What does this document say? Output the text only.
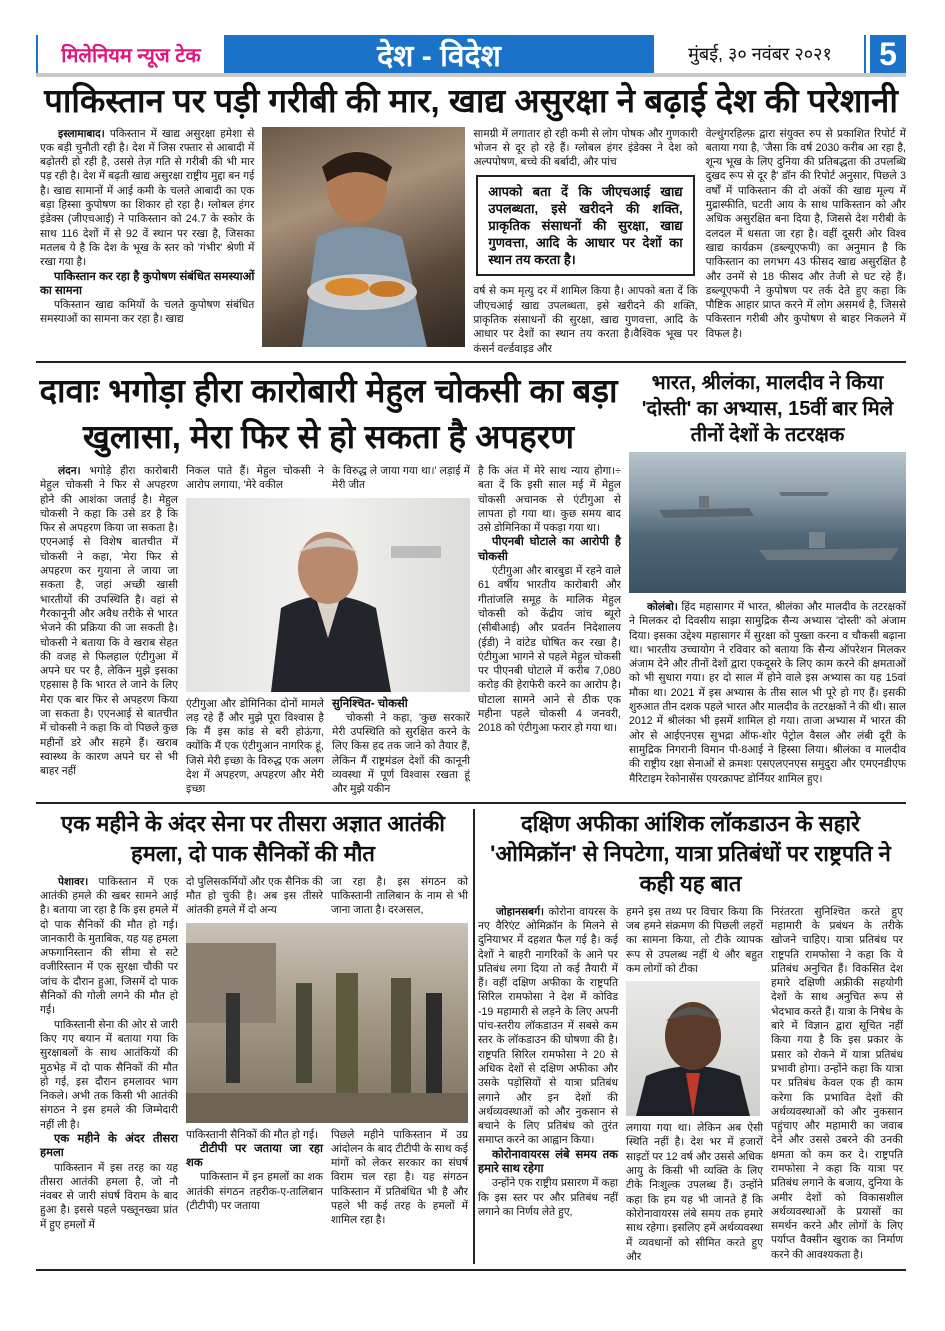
मिलेनियम न्यूज टेक	देश - विदेश	मुंबई, ३० नवंबर २०२१	5
पाकिस्तान पर पड़ी गरीबी की मार, खाद्य असुरक्षा ने बढ़ाई देश की परेशानी

इस्लामाबाद। पकिस्तान में खाद्य असुरक्षा हमेशा से एक बड़ी चुनौती रही है। देश में जिस रफ्तार से आबादी में बढ़ोतरी हो रही है, उससे तेज़ गति से गरीबी की भी मार पड़ रही है। देश में बढ़ती खाद्य असुरक्षा राष्ट्रीय मुद्दा बन गई है। खाद्य सामानों में आई कमी के चलते आबादी का एक बड़ा हिस्सा कुपोषण का शिकार हो रहा है। ग्लोबल हंगर इंडेक्स (जीएचआई) ने पाकिस्तान को 24.7 के स्कोर के साथ 116 देशों में से 92 वें स्थान पर रखा है, जिसका मतलब ये है कि देश के भूख के स्तर को 'गंभीर' श्रेणी में रखा गया है।

पाकिस्तान कर रहा है कुपोषण संबंधित समस्याओं का सामना

पकिस्तान खाद्य कमियों के चलते कुपोषण संबंधित समस्याओं का सामना कर रहा है। खाद्य

सामग्री में लगातार हो रही कमी से लोग पोषक और गुणकारी भोजन से दूर हो रहे हैं। ग्लोबल हंगर इंडेक्स ने देश को अल्पपोषण, बच्चे की बर्बादी, और पांच

आपको बता दें कि जीएचआई खाद्य उपलब्धता, इसे खरीदने की शक्ति, प्राकृतिक संसाधनों की सुरक्षा, खाद्य गुणवत्ता, आदि के आधार पर देशों का स्थान तय करता है।

वर्ष से कम मृत्यु दर में शामिल किया है। आपको बता दें कि जीएचआई खाद्य उपलब्धता, इसे खरीदने की शक्ति, प्राकृतिक संसाधनों की सुरक्षा, खाद्य गुणवत्ता, आदि के आधार पर देशों का स्थान तय करता है।वैश्विक भूख पर कंसर्न वर्ल्डवाइड और

वेल्थुंगरहिल्फ़ द्वारा संयुक्त रुप से प्रकाशित रिपोर्ट में बताया गया है, 'जैसा कि वर्ष 2030 करीब आ रहा है, शून्य भूख के लिए दुनिया की प्रतिबद्धता की उपलब्धि दुखद रूप से दूर है' डॉन की रिपोर्ट अनुसार, पिछले 3 वर्षों में पाकिस्तान की दो अंकों की खाद्य मूल्य में मुद्रास्फीति, घटती आय के साथ पाकिस्तान को और अधिक असुरक्षित बना दिया है, जिससे देश गरीबी के दलदल में धसता जा रहा है। वहीं दूसरी ओर विश्व खाद्य कार्यक्रम (डब्ल्यूएफपी) का अनुमान है कि पाकिस्तान का लगभग 43 फीसद खाद्य असुरक्षित है और उनमें से 18 फीसद और तेजी से घट रहे हैं। डब्ल्यूएफपी ने कुपोषण पर तर्क देते हुए कहा कि पौष्टिक आहार प्राप्त करने में लोग असमर्थ है, जिससे पकिस्तान गरीबी और कुपोषण से बाहर निकलने में विफल है।

दावाः भगोड़ा हीरा कारोबारी मेहुल चोकसी का बड़ा खुलासा, मेरा फिर से हो सकता है अपहरण

लंदन। भगोड़े हीरा कारोबारी मेहुल चोकसी ने फिर से अपहरण होने की आशंका जताई है। मेहुल चोकसी ने कहा कि उसे डर है कि फिर से अपहरण किया जा सकता है। एएनआई से विशेष बातचीत में चोकसी ने कहा, 'मेरा फिर से अपहरण कर गुयाना ले जाया जा सकता है, जहां अच्छी खासी भारतीयों की उपस्थिति है। वहां से गैरकानूनी और अवैध तरीके से भारत भेजने की प्रक्रिया की जा सकती है। चोकसी ने बताया कि वे खराब सेहत की वजह से फिलहाल एंटीगुआ में अपने घर पर है, लेकिन मुझे इसका एहसास है कि भारत ले जाने के लिए मेरा एक बार फिर से अपहरण किया जा सकता है। एएनआई से बातचीत में चोकसी ने कहा कि वो पिछले कुछ महीनों डरे और सहमे हैं। खराब स्वास्थ्य के कारण अपने घर से भी बाहर नहीं

निकल पाते हैं। मेहुल चोकसी ने आरोप लगाया, 'मेरे वकील

के विरुद्ध ले जाया गया था।' लड़ाई में मेरी जीत

एंटीगुआ और डोमिनिका दोनों मामले लड़ रहे हैं और मुझे पूरा विश्वास है कि मैं इस कांड से बरी होऊंगा, क्योंकि मैं एक एंटीगुआन नागरिक हूं, जिसे मेरी इच्छा के विरुद्ध एक अलग देश में अपहरण, अपहरण और मेरी इच्छा

सुनिश्चित- चोकसी

चोकसी ने कहा, 'कुछ सरकारें मेरी उपस्थिति को सुरक्षित करने के लिए किस हद तक जाने को तैयार हैं, लेकिन मैं राष्ट्रमंडल देशों की कानूनी व्यवस्था में पूर्ण विश्वास रखता हूं और मुझे यकीन

है कि अंत में मेरे साथ न्याय होगा।÷ बता दें कि इसी साल मई में मेहुल चोकसी अचानक से एंटीगुआ से लापता हो गया था। कुछ समय बाद उसे डोमिनिका में पकड़ा गया था।

पीएनबी घोटाले का आरोपी है चोकसी

एंटीगुआ और बारबुडा में रहने वाले 61 वर्षीय भारतीय कारोबारी और गीतांजलि समूह के मालिक मेहुल चोकसी को केंद्रीय जांच ब्यूरो (सीबीआई) और प्रवर्तन निदेशालय (ईडी) ने वांटेड घोषित कर रखा है। एंटीगुआ भागने से पहले मेहुल चोकसी पर पीएनबी घोटाले में करीब 7,080 करोड़ की हेराफेरी करने का आरोप है। घोटाला सामने आने से ठीक एक महीना पहले चोकसी 4 जनवरी, 2018 को एंटीगुआ फरार हो गया था।

भारत, श्रीलंका, मालदीव ने किया 'दोस्ती' का अभ्यास, 15वीं बार मिले तीनों देशों के तटरक्षक

कोलंबो। हिंद महासागर में भारत, श्रीलंका और मालदीव के तटरक्षकों ने मिलकर दो दिवसीय साझा सामुद्रिक सैन्य अभ्यास 'दोस्ती' को अंजाम दिया। इसका उद्देश्य महासागर में सुरक्षा को पुख्ता करना व चौकसी बढ़ाना था। भारतीय उच्चायोग ने रविवार को बताया कि सैन्य ऑपरेशन मिलकर अंजाम देने और तीनों देशों द्वारा एकदूसरे के लिए काम करने की क्षमताओं को भी सुधारा गया। हर दो साल में होने वाले इस अभ्यास का यह 15वां मौका था। 2021 में इस अभ्यास के तीस साल भी पूरे हो गए हैं। इसकी शुरुआत तीन दशक पहले भारत और मालदीव के तटरक्षकों ने की थी। साल 2012 में श्रीलंका भी इसमें शामिल हो गया। ताजा अभ्यास में भारत की ओर से आईएनएस सुभद्रा ऑफ-शोर पेट्रोल वैसल और लंबी दूरी के सामुद्रिक निगरानी विमान पी-8आई ने हिस्सा लिया। श्रीलंका व मालदीव की राष्ट्रीय रक्षा सेनाओं से क्रमशः एसएलएनएस समुदुरा और एमएनडीएफ मैरिटाइम रेकोनासेंस एयरक्राफ्ट डोर्नियर शामिल हुए।

एक महीने के अंदर सेना पर तीसरा अज्ञात आतंकी हमला, दो पाक सैनिकों की मौत

पेशावर। पाकिस्तान में एक आतंकी हमले की खबर सामने आई है। बताया जा रहा है कि इस हमले में दो पाक सैनिकों की मौत हो गई। जानकारी के मुताबिक, यह यह हमला अफगानिस्तान की सीमा से सटे वजीरिस्तान में एक सुरक्षा चौकी पर जांच के दौरान हुआ, जिसमें दो पाक सैनिकों की गोली लगने की मौत हो गई।

पाकिस्तानी सेना की ओर से जारी किए गए बयान में बताया गया कि सुरक्षाबलों के साथ आतंकियों की मुठभेड़ में दो पाक सैनिकों की मौत हो गई, इस दौरान हमलावर भाग निकले। अभी तक किसी भी आतंकी संगठन ने इस हमले की जिम्मेदारी नहीं ली है।

एक महीने के अंदर तीसरा हमला

पाकिस्तान में इस तरह का यह तीसरा आतंकी हमला है, जो नौ नंवबर से जारी संघर्ष विराम के बाद हुआ है। इससे पहले पख्तूनख्वा प्रांत में हुए हमलों में

दो पुलिसकर्मियों और एक सैनिक की मौत हो चुकी है। अब इस तीसरे आंतकी हमले में दो अन्य

जा रहा है। इस संगठन को पाकिस्तानी तालिबान के नाम से भी जाना जाता है। दरअसल,

पाकिस्तानी सैनिकों की मौत हो गई।

टीटीपी पर जताया जा रहा शक

पाकिस्तान में इन हमलों का शक आतंकी संगठन तहरीक-ए-तालिबान (टीटीपी) पर जताया

पिछले महीने पाकिस्तान में उग्र आंदोलन के बाद टीटीपी के साथ कई मांगों को लेकर सरकार का संघर्ष विराम चल रहा है। यह संगठन पाकिस्तान में प्रतिबंधित भी है और पहले भी कई तरह के हमलों में शामिल रहा है।

दक्षिण अफीका आंशिक लॉकडाउन के सहारे 'ओमिक्रॉन' से निपटेगा, यात्रा प्रतिबंधों पर राष्ट्रपति ने कही यह बात

जोहानसबर्ग। कोरोना वायरस के नए वैरिएंट ओमिक्रॉन के मिलने से दुनियाभर में दहशत फैल गई है। कई देशों ने बाहरी नागरिकों के आने पर प्रतिबंध लगा दिया तो कई तैयारी में हैं। वहीं दक्षिण अफीका के राष्ट्रपति सिरिल रामफोसा ने देश में कोविड -19 महामारी से लड़ने के लिए अपनी पांच-स्तरीय लॉकडाउन में सबसे कम स्तर के लॉकडाउन की घोषणा की है। राष्ट्रपति सिरिल रामफोसा ने 20 से अधिक देशों से दक्षिण अफीका और उसके पड़ोसियों से यात्रा प्रतिबंध लगाने और इन देशों की अर्थव्यवस्थाओं को और नुकसान से बचाने के लिए प्रतिबंध को तुरंत समाप्त करने का आह्वान किया।

कोरोनावायरस लंबे समय तक हमारे साथ रहेगा

उन्होंने एक राष्ट्रीय प्रसारण में कहा कि इस स्तर पर और प्रतिबंध नहीं लगाने का निर्णय लेते हुए,

हमने इस तथ्य पर विचार किया कि जब हमने संक्रमण की पिछली लहरों का सामना किया, तो टीके व्यापक रूप से उपलब्ध नहीं थे और बहुत कम लोगों को टीका

लगाया गया था। लेकिन अब ऐसी स्थिति नहीं है। देश भर में हजारों साइटों पर 12 वर्ष और उससे अधिक आयु के किसी भी व्यक्ति के लिए टीके निःशुल्क उपलब्ध हैं। उन्होंने कहा कि हम यह भी जानते हैं कि कोरोनावायरस लंबे समय तक हमारे साथ रहेगा। इसलिए हमें अर्थव्यवस्था में व्यवधानों को सीमित करते हुए और

निरंतरता सुनिश्चित करते हुए महामारी के प्रबंधन के तरीके खोजने चाहिए। यात्रा प्रतिबंध पर राष्ट्रपति रामफोसा ने कहा कि ये प्रतिबंध अनुचित हैं। विकसित देश हमारे दक्षिणी अफ्रीकी सहयोगी देशों के साथ अनुचित रूप से भेदभाव करते हैं। यात्रा के निषेध के बारे में विज्ञान द्वारा सूचित नहीं किया गया है कि इस प्रकार के प्रसार को रोकने में यात्रा प्रतिबंध प्रभावी होगा। उन्होंने कहा कि यात्रा पर प्रतिबंध केवल एक ही काम करेगा कि प्रभावित देशों की अर्थव्यवस्थाओं को और नुकसान पहुंचाए और महामारी का जवाब देने और उससे उबरने की उनकी क्षमता को कम कर दे। राष्ट्रपति रामफोसा ने कहा कि यात्रा पर प्रतिबंध लगाने के बजाय, दुनिया के अमीर देशों को विकासशील अर्थव्यवस्थाओं के प्रयासों का समर्थन करने और लोगों के लिए पर्याप्त वैक्सीन खुराक का निर्माण करने की आवश्यकता है।
